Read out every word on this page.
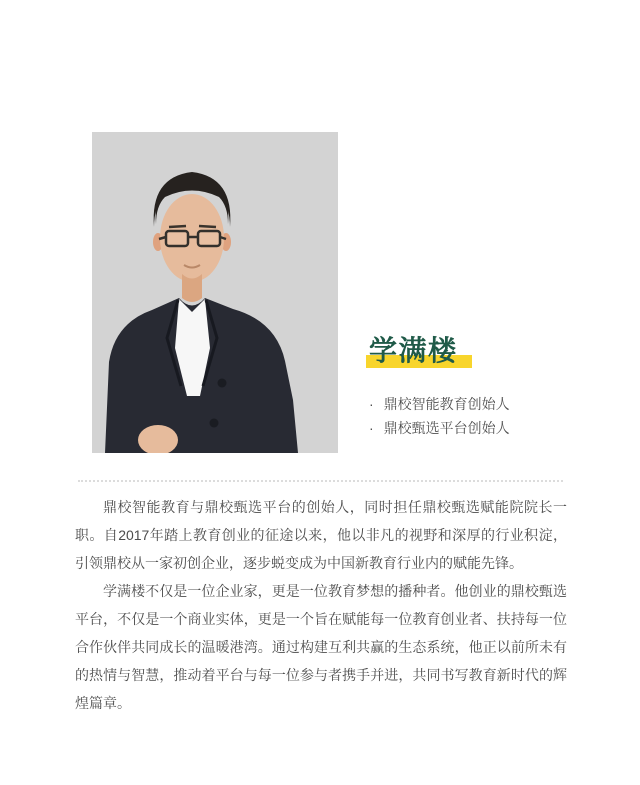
学满楼
· 鼎校智能教育创始人
· 鼎校甄选平台创始人

鼎校智能教育与鼎校甄选平台的创始人，同时担任鼎校甄选赋能院院长一职。自2017年踏上教育创业的征途以来，他以非凡的视野和深厚的行业积淀，引领鼎校从一家初创企业，逐步蜕变成为中国新教育行业内的赋能先锋。

学满楼不仅是一位企业家，更是一位教育梦想的播种者。他创业的鼎校甄选平台，不仅是一个商业实体，更是一个旨在赋能每一位教育创业者、扶持每一位合作伙伴共同成长的温暖港湾。通过构建互利共赢的生态系统，他正以前所未有的热情与智慧，推动着平台与每一位参与者携手并进，共同书写教育新时代的辉煌篇章。
